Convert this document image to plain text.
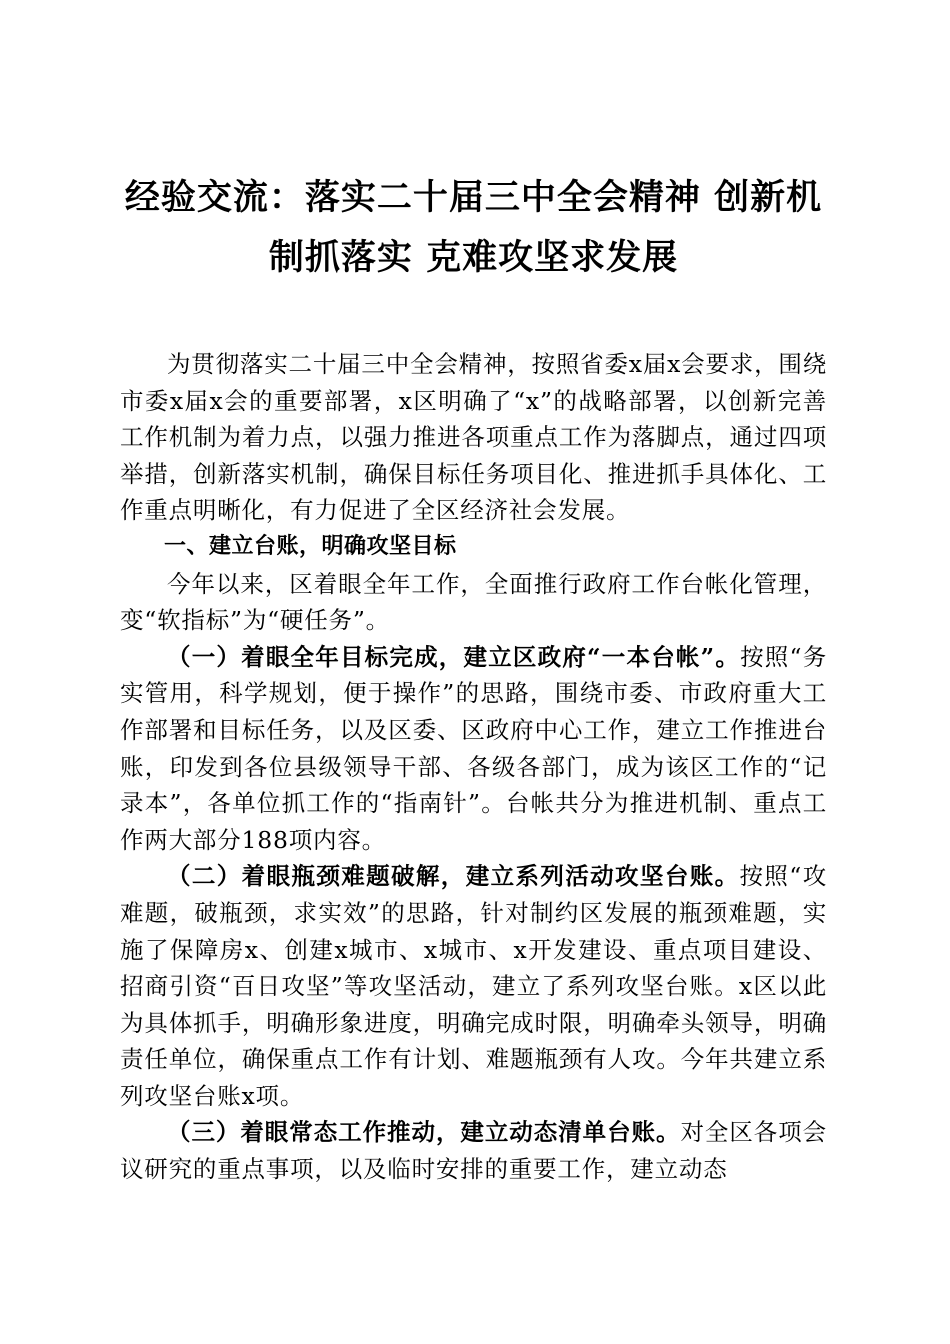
经验交流：落实二十届三中全会精神 创新机
制抓落实 克难攻坚求发展

为贯彻落实二十届三中全会精神，按照省委x届x会要求，围绕市委x届x会的重要部署，x区明确了“x”的战略部署，以创新完善工作机制为着力点，以强力推进各项重点工作为落脚点，通过四项举措，创新落实机制，确保目标任务项目化、推进抓手具体化、工作重点明晰化，有力促进了全区经济社会发展。

一、建立台账，明确攻坚目标

今年以来，区着眼全年工作，全面推行政府工作台帐化管理，变“软指标”为“硬任务”。

（一）着眼全年目标完成，建立区政府“一本台帐”。按照“务实管用，科学规划，便于操作”的思路，围绕市委、市政府重大工作部署和目标任务，以及区委、区政府中心工作，建立工作推进台账，印发到各位县级领导干部、各级各部门，成为该区工作的“记录本”，各单位抓工作的“指南针”。台帐共分为推进机制、重点工作两大部分188项内容。

（二）着眼瓶颈难题破解，建立系列活动攻坚台账。按照“攻难题，破瓶颈，求实效”的思路，针对制约区发展的瓶颈难题，实施了保障房x、创建x城市、x城市、x开发建设、重点项目建设、招商引资“百日攻坚”等攻坚活动，建立了系列攻坚台账。x区以此为具体抓手，明确形象进度，明确完成时限，明确牵头领导，明确责任单位，确保重点工作有计划、难题瓶颈有人攻。今年共建立系列攻坚台账x项。

（三）着眼常态工作推动，建立动态清单台账。对全区各项会议研究的重点事项，以及临时安排的重要工作，建立动态
